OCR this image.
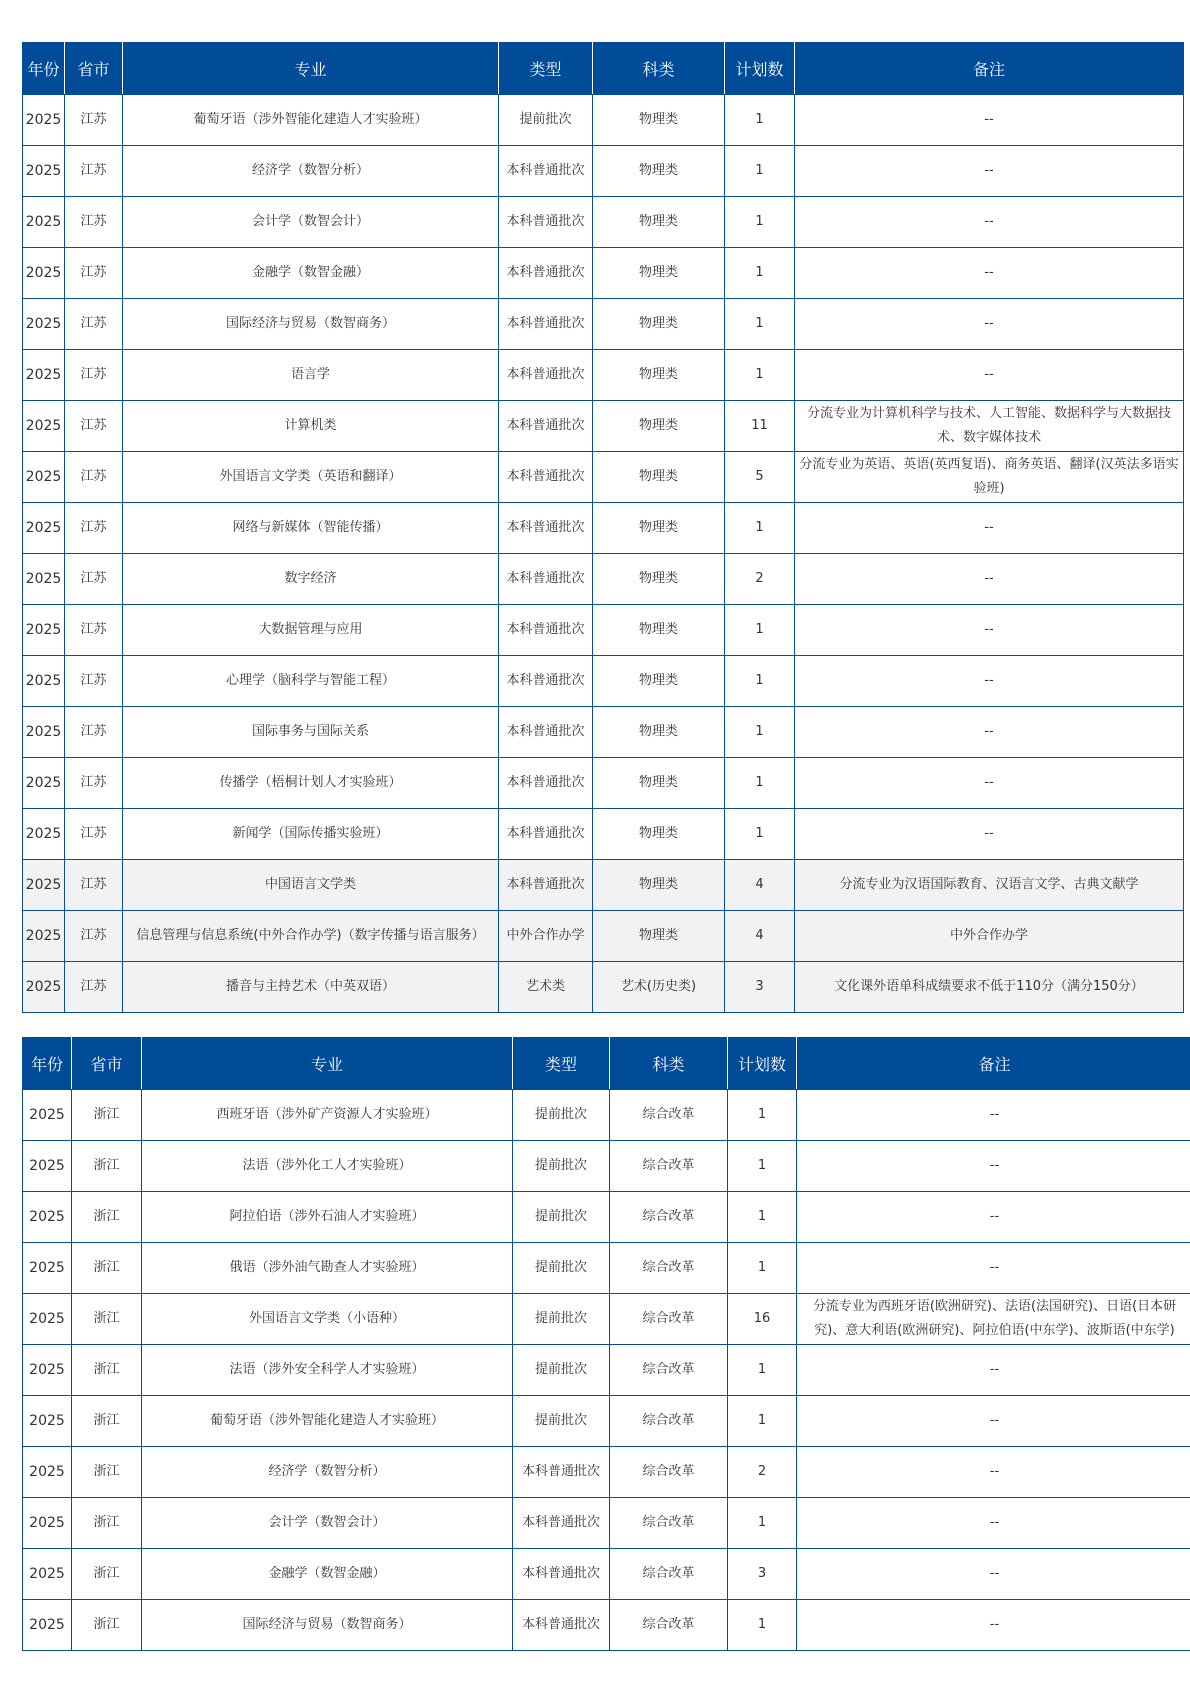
年份	省市	专业	类型	科类	计划数	备注
2025	江苏	葡萄牙语（涉外智能化建造人才实验班）	提前批次	物理类	1	--
2025	江苏	经济学（数智分析）	本科普通批次	物理类	1	--
2025	江苏	会计学（数智会计）	本科普通批次	物理类	1	--
2025	江苏	金融学（数智金融）	本科普通批次	物理类	1	--
2025	江苏	国际经济与贸易（数智商务）	本科普通批次	物理类	1	--
2025	江苏	语言学	本科普通批次	物理类	1	--
2025	江苏	计算机类	本科普通批次	物理类	11	分流专业为计算机科学与技术、人工智能、数据科学与大数据技术、数字媒体技术
2025	江苏	外国语言文学类（英语和翻译）	本科普通批次	物理类	5	分流专业为英语、英语(英西复语)、商务英语、翻译(汉英法多语实验班)
2025	江苏	网络与新媒体（智能传播）	本科普通批次	物理类	1	--
2025	江苏	数字经济	本科普通批次	物理类	2	--
2025	江苏	大数据管理与应用	本科普通批次	物理类	1	--
2025	江苏	心理学（脑科学与智能工程）	本科普通批次	物理类	1	--
2025	江苏	国际事务与国际关系	本科普通批次	物理类	1	--
2025	江苏	传播学（梧桐计划人才实验班）	本科普通批次	物理类	1	--
2025	江苏	新闻学（国际传播实验班）	本科普通批次	物理类	1	--
2025	江苏	中国语言文学类	本科普通批次	物理类	4	分流专业为汉语国际教育、汉语言文学、古典文献学
2025	江苏	信息管理与信息系统(中外合作办学)（数字传播与语言服务）	中外合作办学	物理类	4	中外合作办学
2025	江苏	播音与主持艺术（中英双语）	艺术类	艺术(历史类)	3	文化课外语单科成绩要求不低于110分（满分150分）
年份	省市	专业	类型	科类	计划数	备注
2025	浙江	西班牙语（涉外矿产资源人才实验班）	提前批次	综合改革	1	--
2025	浙江	法语（涉外化工人才实验班）	提前批次	综合改革	1	--
2025	浙江	阿拉伯语（涉外石油人才实验班）	提前批次	综合改革	1	--
2025	浙江	俄语（涉外油气勘查人才实验班）	提前批次	综合改革	1	--
2025	浙江	外国语言文学类（小语种）	提前批次	综合改革	16	分流专业为西班牙语(欧洲研究)、法语(法国研究)、日语(日本研究)、意大利语(欧洲研究)、阿拉伯语(中东学)、波斯语(中东学)
2025	浙江	法语（涉外安全科学人才实验班）	提前批次	综合改革	1	--
2025	浙江	葡萄牙语（涉外智能化建造人才实验班）	提前批次	综合改革	1	--
2025	浙江	经济学（数智分析）	本科普通批次	综合改革	2	--
2025	浙江	会计学（数智会计）	本科普通批次	综合改革	1	--
2025	浙江	金融学（数智金融）	本科普通批次	综合改革	3	--
2025	浙江	国际经济与贸易（数智商务）	本科普通批次	综合改革	1	--
